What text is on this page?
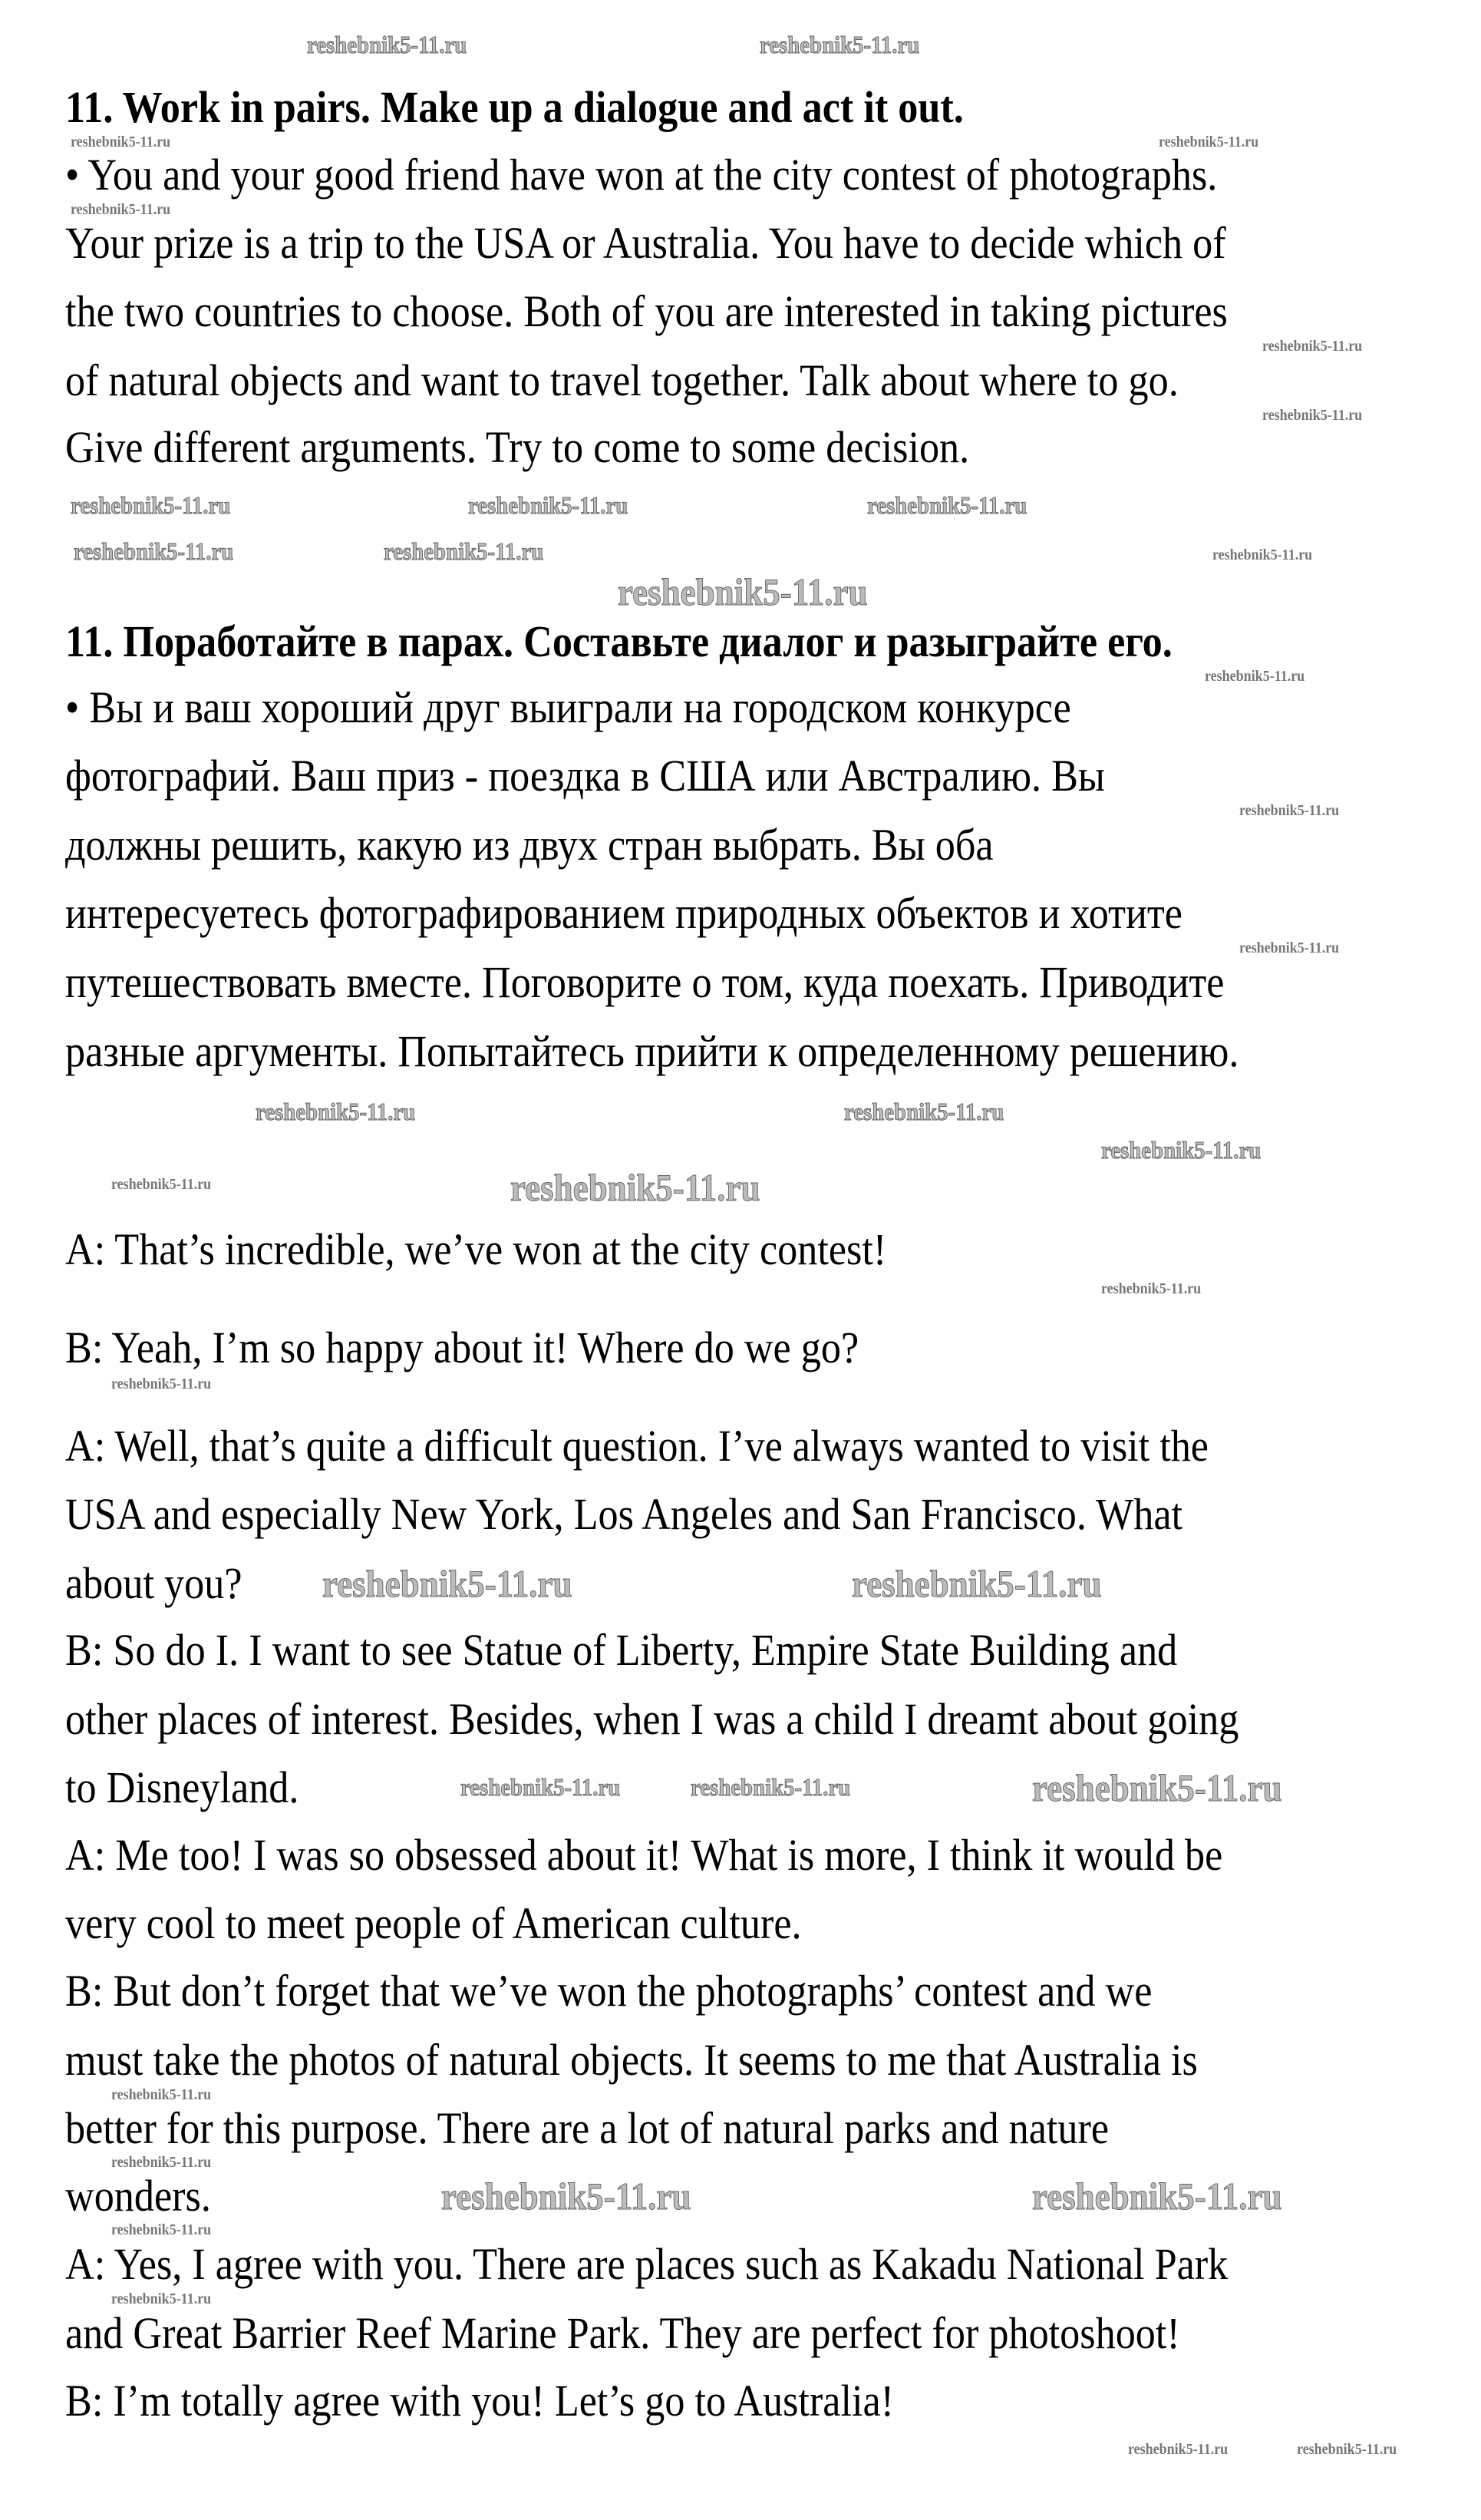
11. Work in pairs. Make up a dialogue and act it out.
• You and your good friend have won at the city contest of photographs.
Your prize is a trip to the USA or Australia. You have to decide which of
the two countries to choose. Both of you are interested in taking pictures
of natural objects and want to travel together. Talk about where to go.
Give different arguments. Try to come to some decision.
11. Поработайте в парах. Составьте диалог и разыграйте его.
• Вы и ваш хороший друг выиграли на городском конкурсе
фотографий. Ваш приз - поездка в США или Австралию. Вы
должны решить, какую из двух стран выбрать. Вы оба
интересуетесь фотографированием природных объектов и хотите
путешествовать вместе. Поговорите о том, куда поехать. Приводите
разные аргументы. Попытайтесь прийти к определенному решению.
A: That’s incredible, we’ve won at the city contest!
B: Yeah, I’m so happy about it! Where do we go?
A: Well, that’s quite a difficult question. I’ve always wanted to visit the
USA and especially New York, Los Angeles and San Francisco. What
about you?
B: So do I. I want to see Statue of Liberty, Empire State Building and
other places of interest. Besides, when I was a child I dreamt about going
to Disneyland.
A: Me too! I was so obsessed about it! What is more, I think it would be
very cool to meet people of American culture.
B: But don’t forget that we’ve won the photographs’ contest and we
must take the photos of natural objects. It seems to me that Australia is
better for this purpose. There are a lot of natural parks and nature
wonders.
A: Yes, I agree with you. There are places such as Kakadu National Park
and Great Barrier Reef Marine Park. They are perfect for photoshoot!
B: I’m totally agree with you! Let’s go to Australia!
reshebnik5-11.ru
reshebnik5-11.ru	reshebnik5-11.ru
reshebnik5-11.ru
reshebnik5-11.ru
reshebnik5-11.ru	reshebnik5-11.ru	reshebnik5-11.ru
reshebnik5-11.ru
reshebnik5-11.ru
reshebnik5-11.ru	reshebnik5-11.ru
reshebnik5-11.ru
reshebnik5-11.ru
reshebnik5-11.ru
reshebnik5-11.ru
reshebnik5-11.ru	reshebnik5-11.ru
reshebnik5-11.ru
reshebnik5-11.ru
reshebnik5-11.ru	reshebnik5-11.ru
reshebnik5-11.ru
reshebnik5-11.ru
reshebnik5-11.ru
reshebnik5-11.ru
reshebnik5-11.ru
reshebnik5-11.ru	reshebnik5-11.ru
reshebnik5-11.ru
reshebnik5-11.ru
reshebnik5-11.ru	reshebnik5-11.ru
reshebnik5-11.ru
reshebnik5-11.ru
reshebnik5-11.ru	reshebnik5-11.ru
